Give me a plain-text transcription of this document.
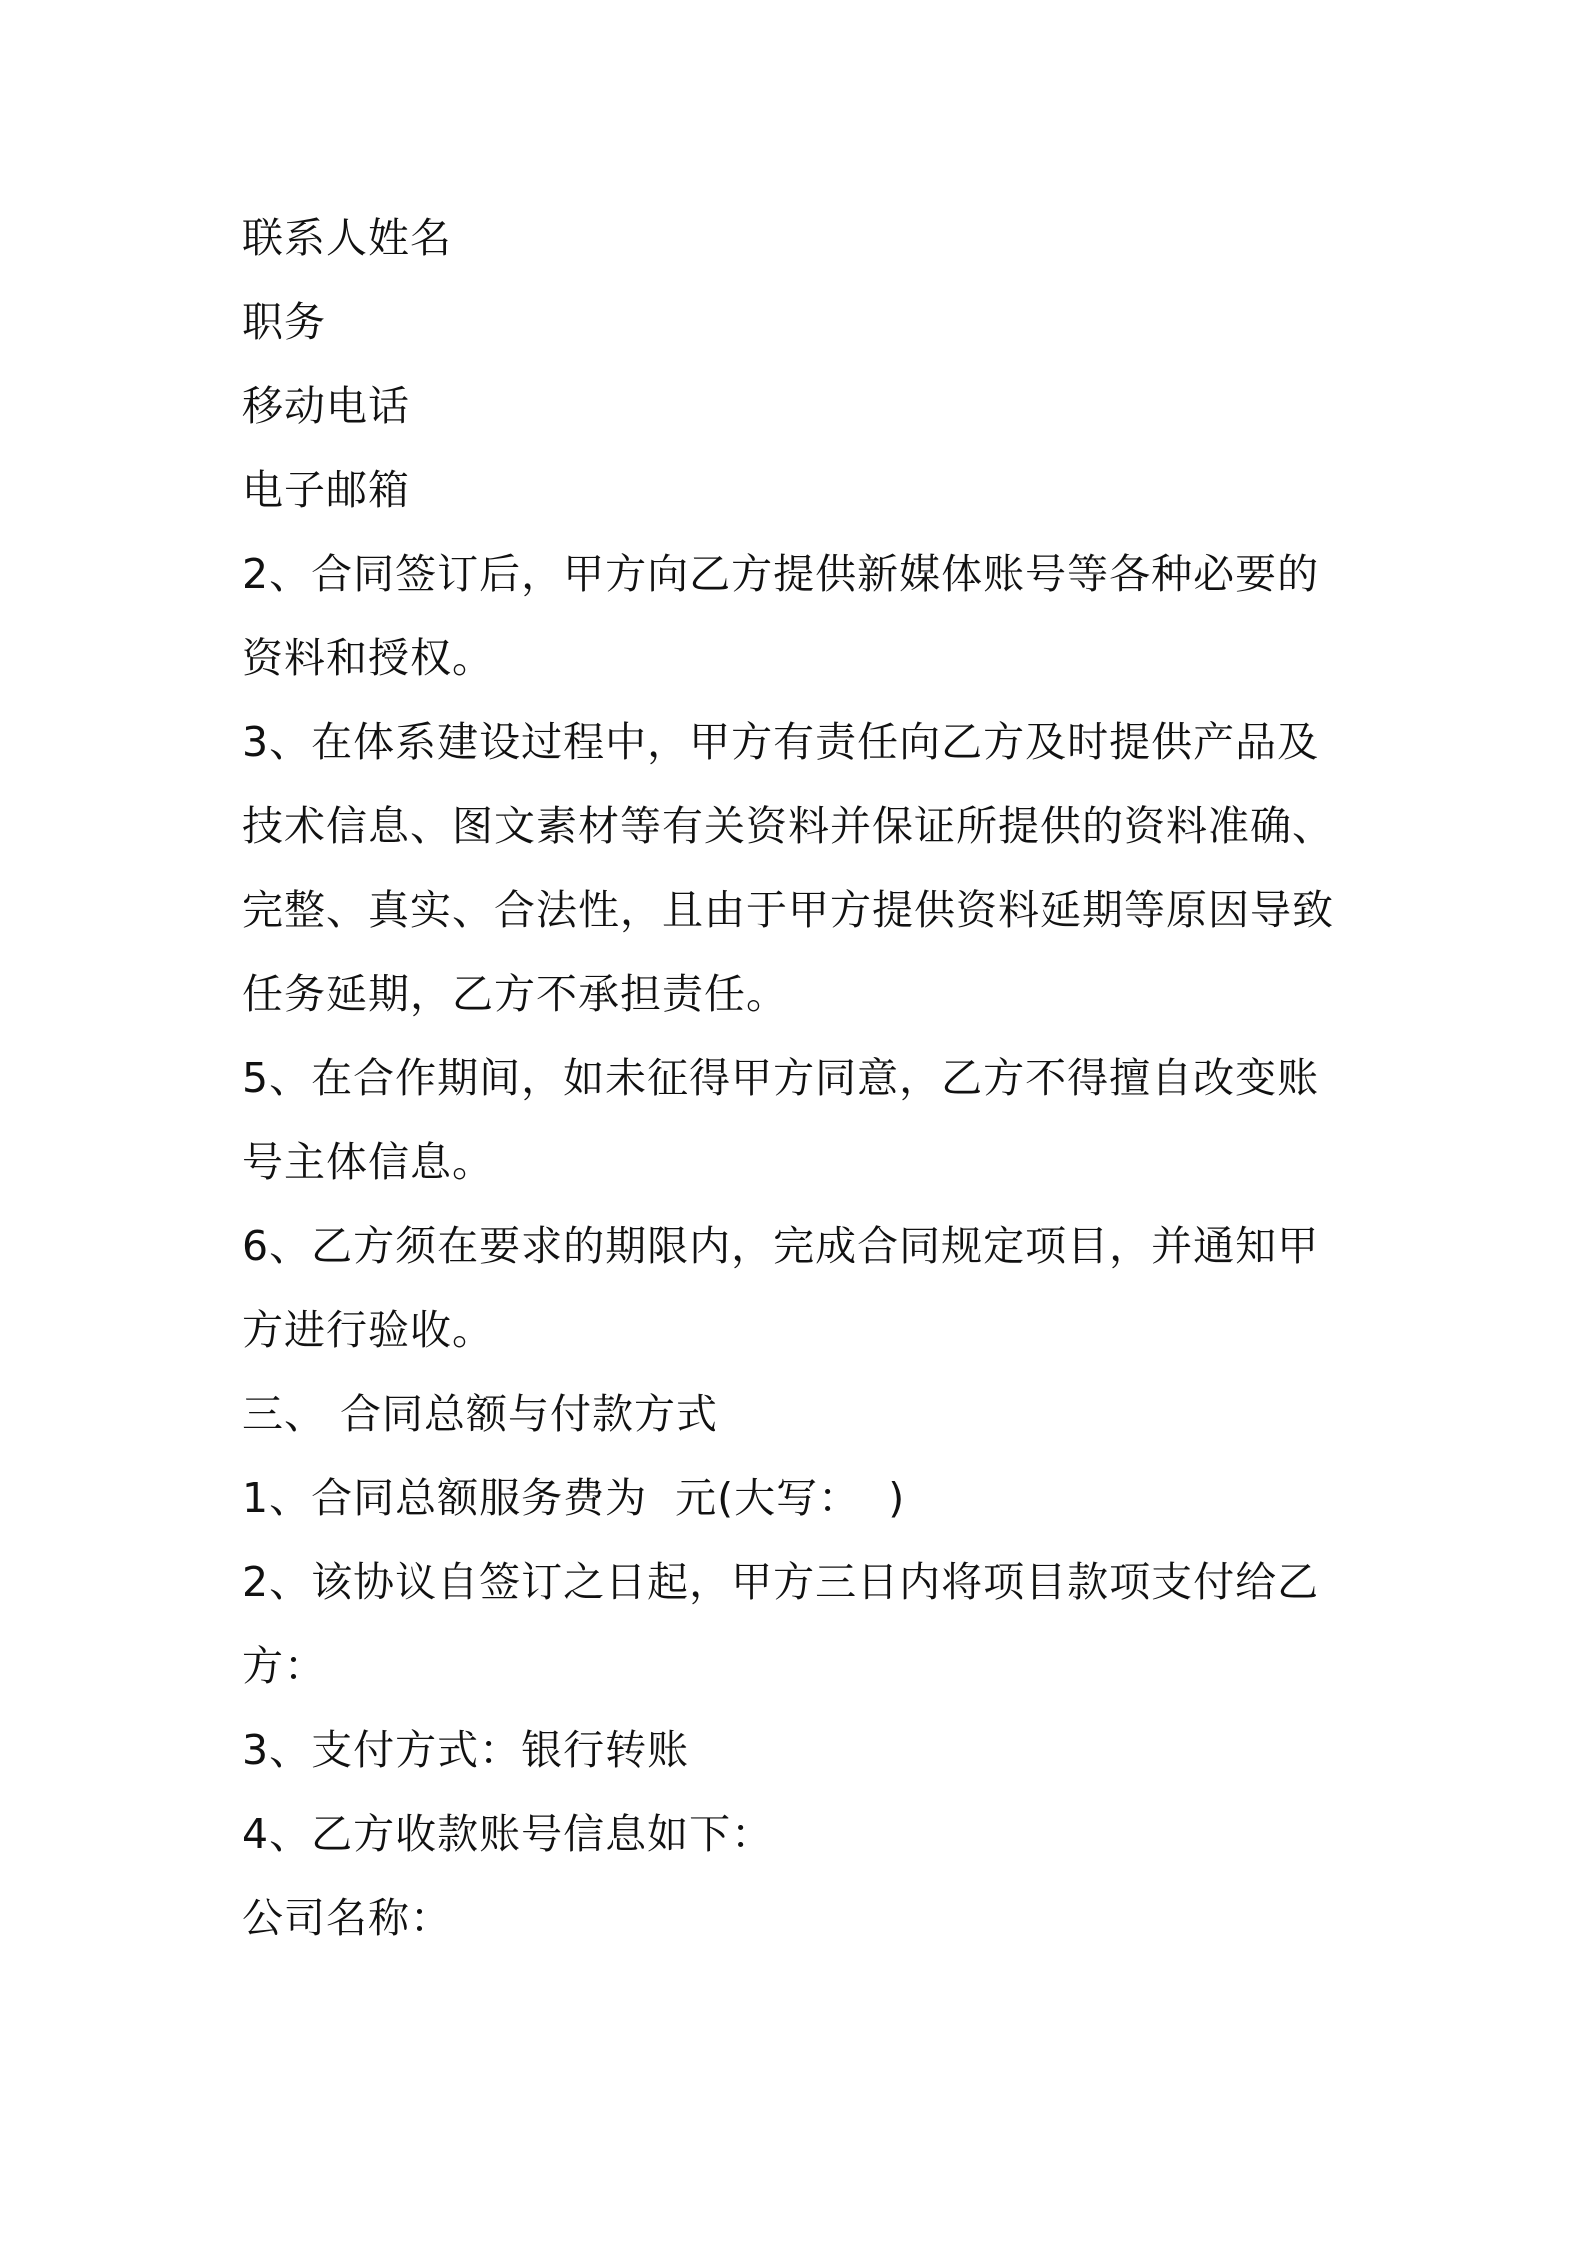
联系人姓名
职务
移动电话
电子邮箱
2、合同签订后，甲方向乙方提供新媒体账号等各种必要的
资料和授权。
3、在体系建设过程中，甲方有责任向乙方及时提供产品及
技术信息、图文素材等有关资料并保证所提供的资料准确、
完整、真实、合法性，且由于甲方提供资料延期等原因导致
任务延期，乙方不承担责任。
5、在合作期间，如未征得甲方同意，乙方不得擅自改变账
号主体信息。
6、乙方须在要求的期限内，完成合同规定项目，并通知甲
方进行验收。
三、 合同总额与付款方式
1、合同总额服务费为  元(大写：  )
2、该协议自签订之日起，甲方三日内将项目款项支付给乙
方：
3、支付方式：银行转账
4、乙方收款账号信息如下：
公司名称：
